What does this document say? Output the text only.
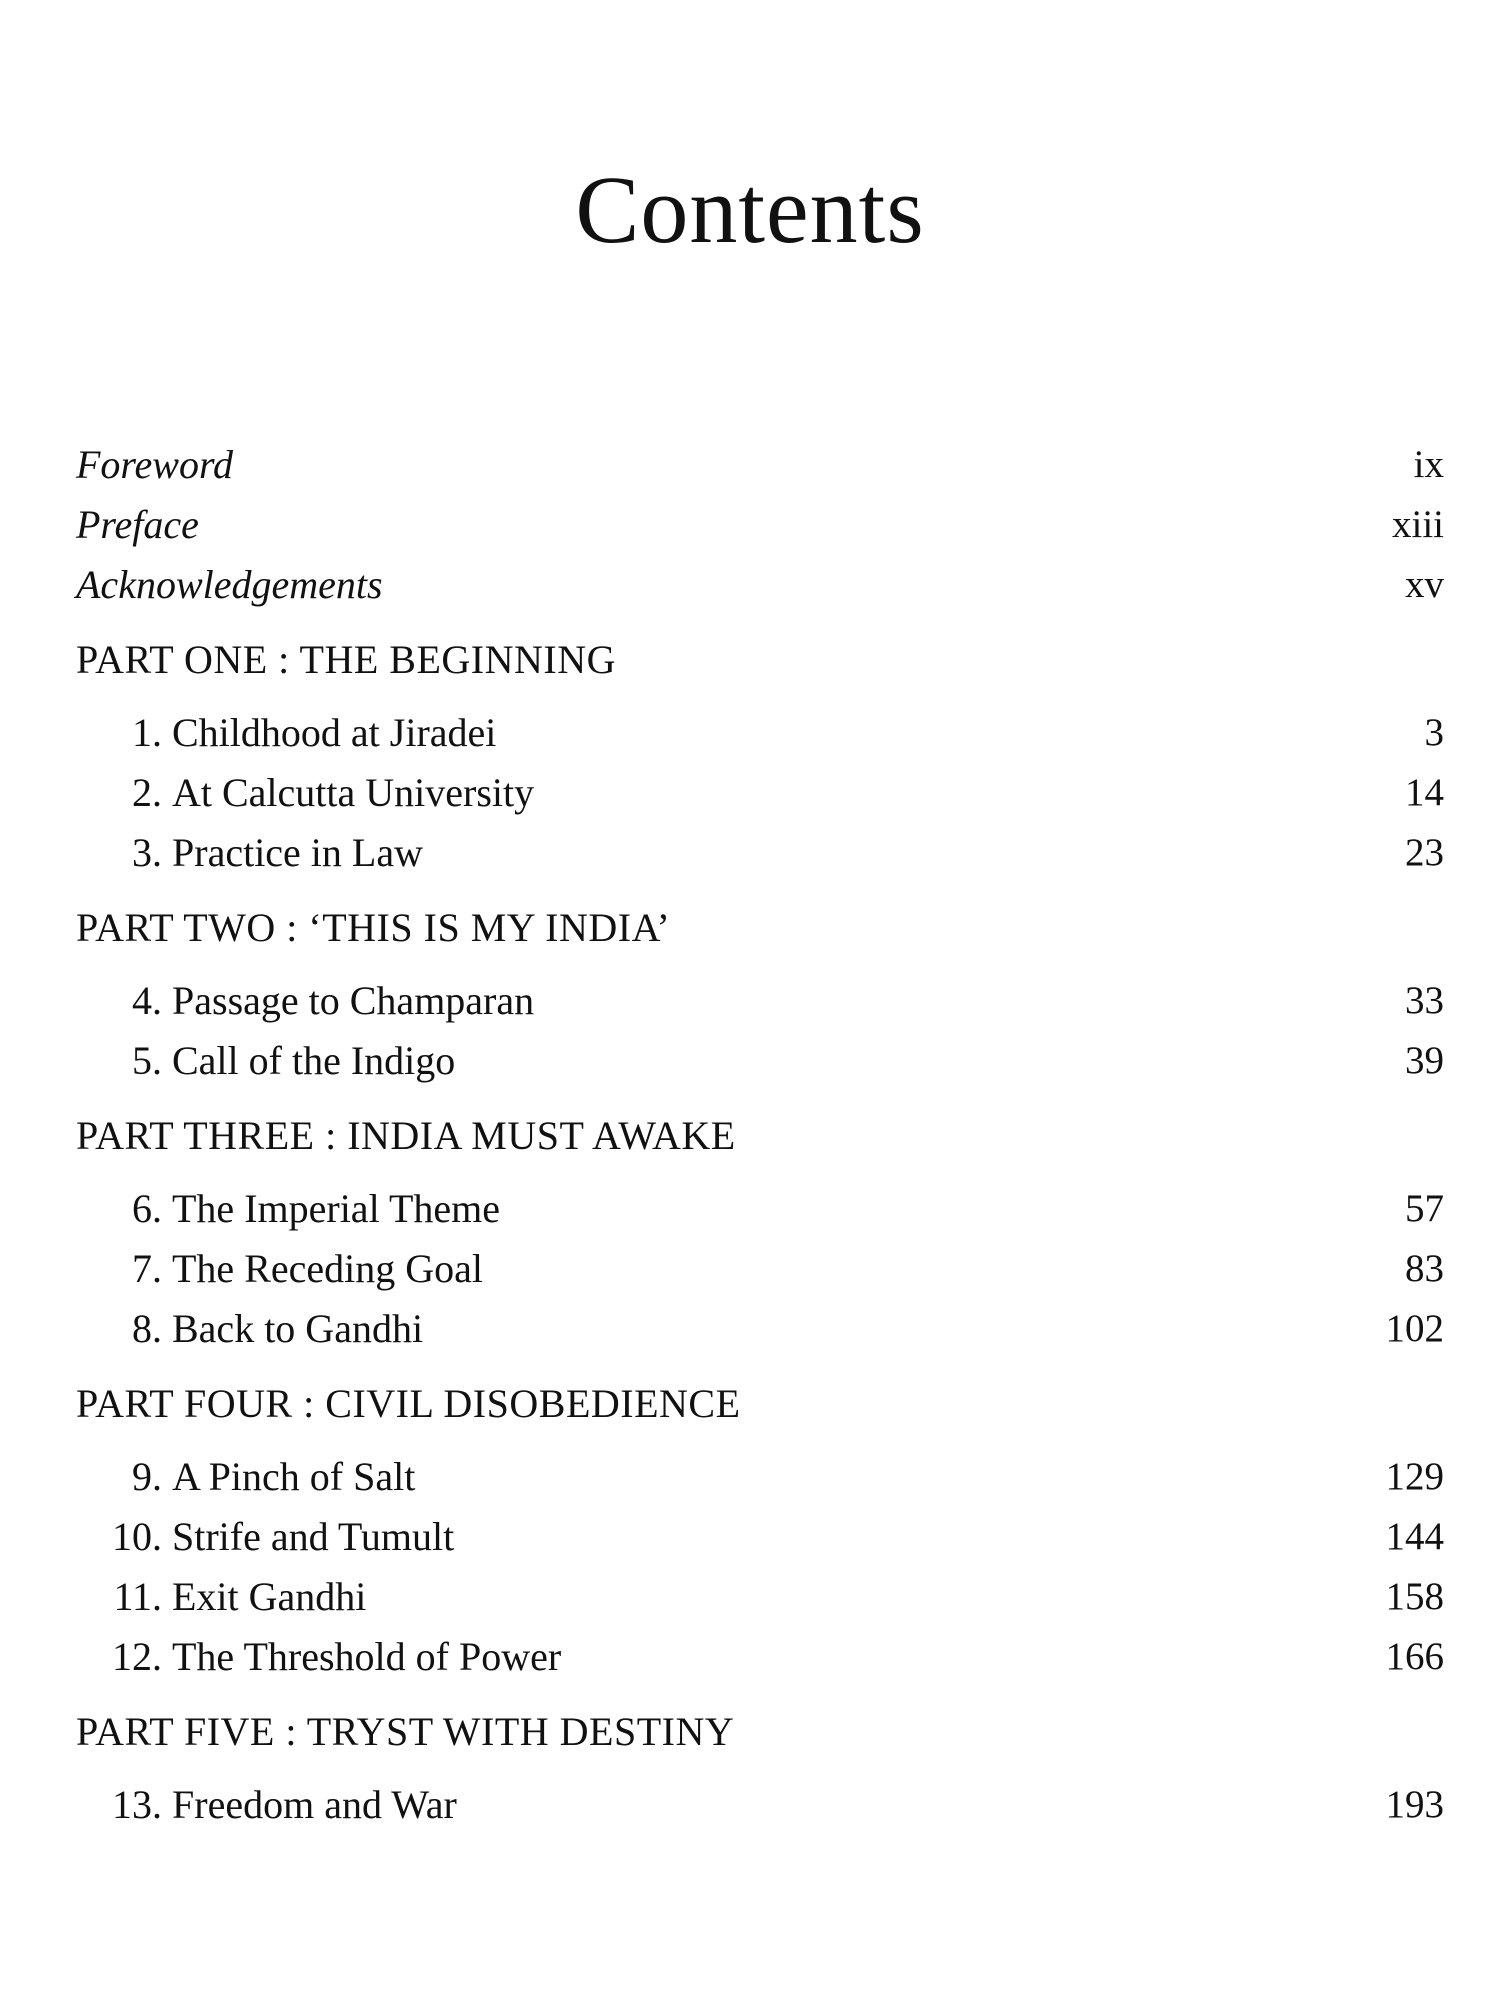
Contents
Foreword	ix
Preface	xiii
Acknowledgements	xv
PART ONE : THE BEGINNING
1. Childhood at Jiradei	3
2. At Calcutta University	14
3. Practice in Law	23
PART TWO : ‘THIS IS MY INDIA’
4. Passage to Champaran	33
5. Call of the Indigo	39
PART THREE : INDIA MUST AWAKE
6. The Imperial Theme	57
7. The Receding Goal	83
8. Back to Gandhi	102
PART FOUR : CIVIL DISOBEDIENCE
9. A Pinch of Salt	129
10. Strife and Tumult	144
11. Exit Gandhi	158
12. The Threshold of Power	166
PART FIVE : TRYST WITH DESTINY
13. Freedom and War	193
